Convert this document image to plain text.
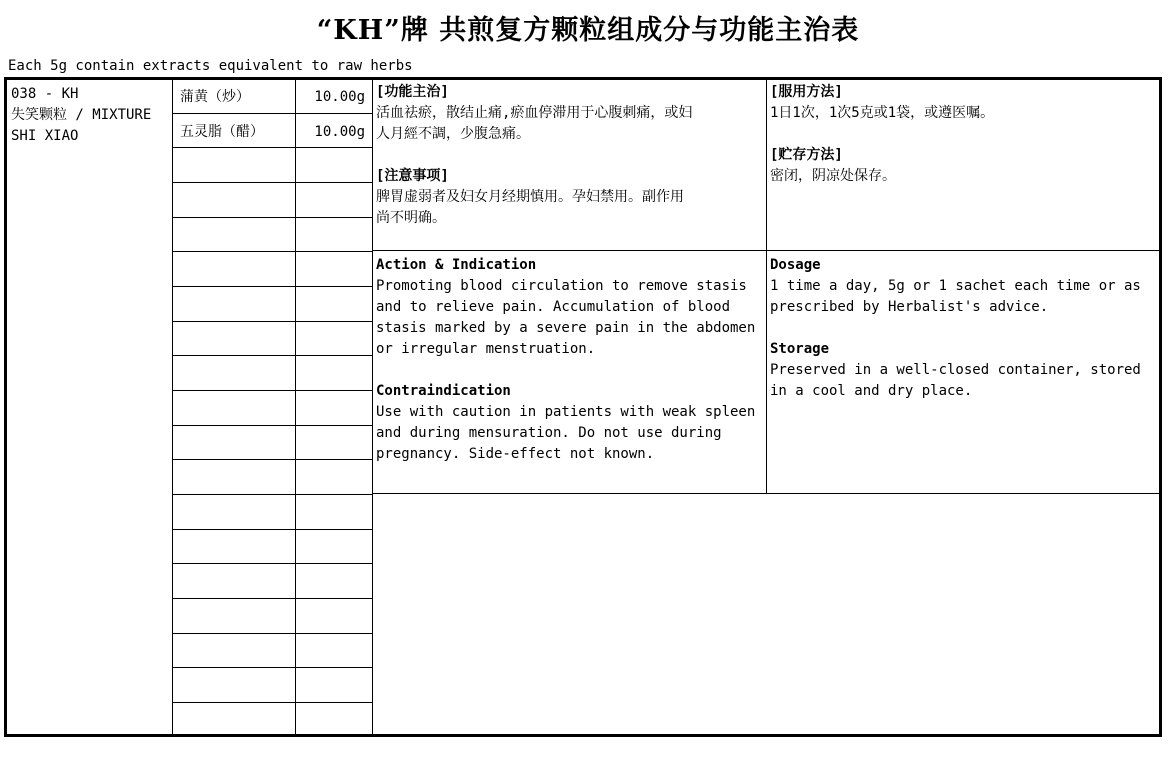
“KH”牌 共煎复方颗粒组成分与功能主治表
Each 5g contain extracts equivalent to raw herbs
038 - KH
失笑颗粒 / MIXTURE
SHI XIAO
蒲黄（炒）	10.00g
五灵脂（醋）	10.00g

[功能主治]

活血祛瘀，散结止痛,瘀血停滞用于心腹刺痛，或妇

人月經不調，少腹急痛。

[注意事项]

脾胃虚弱者及妇女月经期慎用。孕妇禁用。副作用

尚不明确。

[服用方法]

1日1次，1次5克或1袋，或遵医嘱。

[贮存方法]

密闭，阴凉处保存。

Action & Indication

Promoting blood circulation to remove stasis

and to relieve pain. Accumulation of blood

stasis marked by a severe pain in the abdomen

or irregular menstruation.

Contraindication

Use with caution in patients with weak spleen

and during mensuration. Do not use during

pregnancy. Side-effect not known.

Dosage

1 time a day, 5g or 1 sachet each time or as

prescribed by Herbalist's advice.

Storage

Preserved in a well-closed container, stored

in a cool and dry place.
